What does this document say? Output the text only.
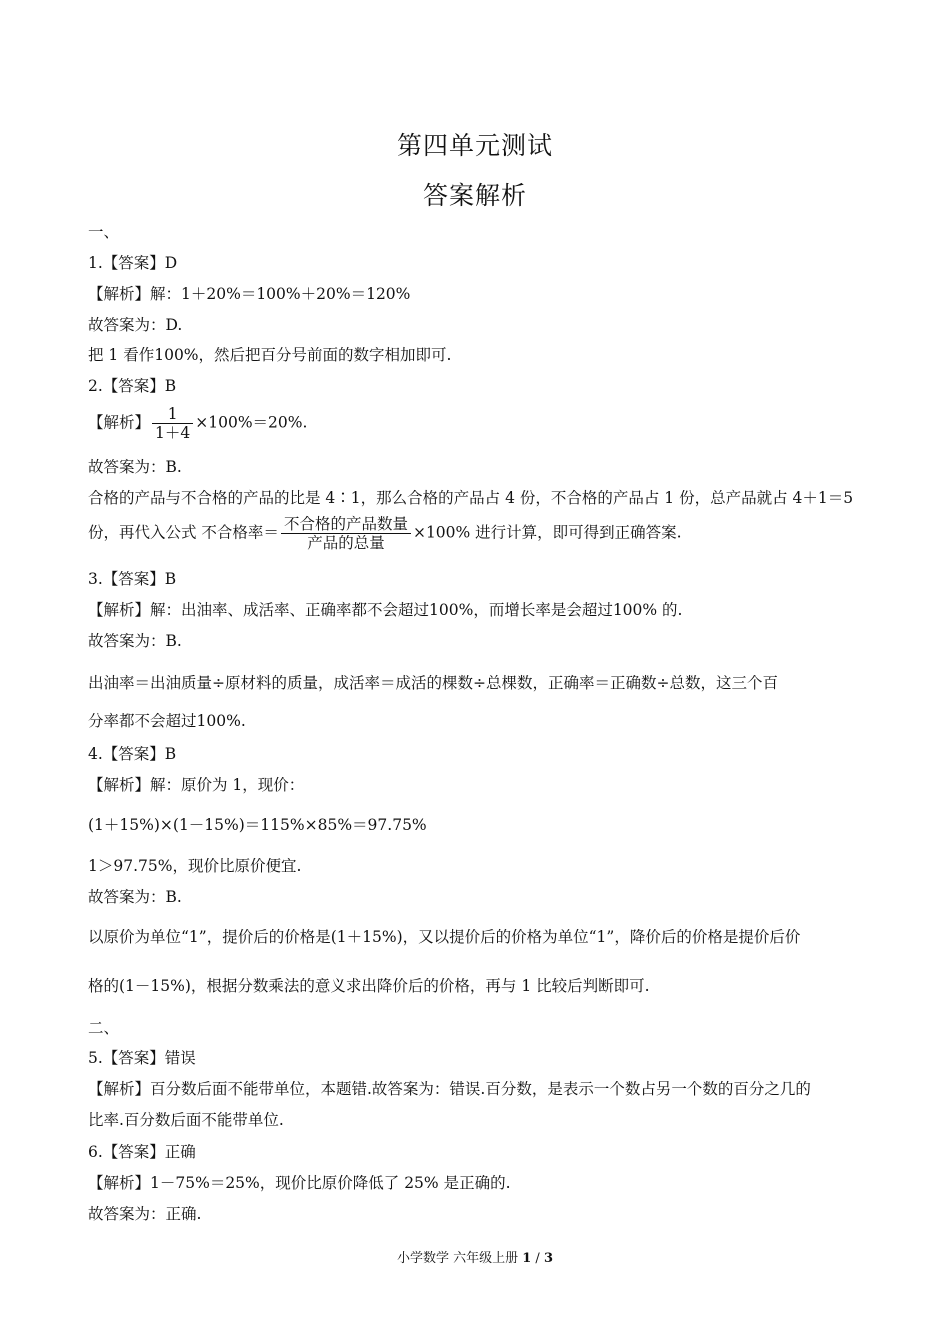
第四单元测试
答案解析
一、
1.【答案】D
【解析】解：1＋20%＝100%＋20%＝120%
故答案为：D.
把 1 看作100%，然后把百分号前面的数字相加即可.
2.【答案】B
【解析】 $\frac{1}{1+4} \times 100\%=20\%$.
故答案为：B.
合格的产品与不合格的产品的比是 4∶1，那么合格的产品占 4 份，不合格的产品占 1 份，总产品就占 4＋1＝5
份，再代入公式 不合格率＝ $\frac{\text{不合格的产品数量}}{\text{产品的总量}} \times 100\%$ 进行计算，即可得到正确答案.
3.【答案】B
【解析】解：出油率、成活率、正确率都不会超过100%，而增长率是会超过100% 的.
故答案为：B.
出油率＝出油质量÷原材料的质量，成活率＝成活的棵数÷总棵数，正确率＝正确数÷总数，这三个百
分率都不会超过100%.
4.【答案】B
【解析】解：原价为 1，现价：
(1＋15%)×(1－15%)＝115%×85%＝97.75%
1＞97.75%，现价比原价便宜.
故答案为：B.
以原价为单位“1”，提价后的价格是(1＋15%)，又以提价后的价格为单位“1”，降价后的价格是提价后价
格的(1－15%)，根据分数乘法的意义求出降价后的价格，再与 1 比较后判断即可.
二、
5.【答案】错误
【解析】百分数后面不能带单位，本题错.故答案为：错误.百分数，是表示一个数占另一个数的百分之几的
比率.百分数后面不能带单位.
6.【答案】正确
【解析】1－75%＝25%，现价比原价降低了 25% 是正确的.
故答案为：正确.
小学数学 六年级上册 1 / 3
